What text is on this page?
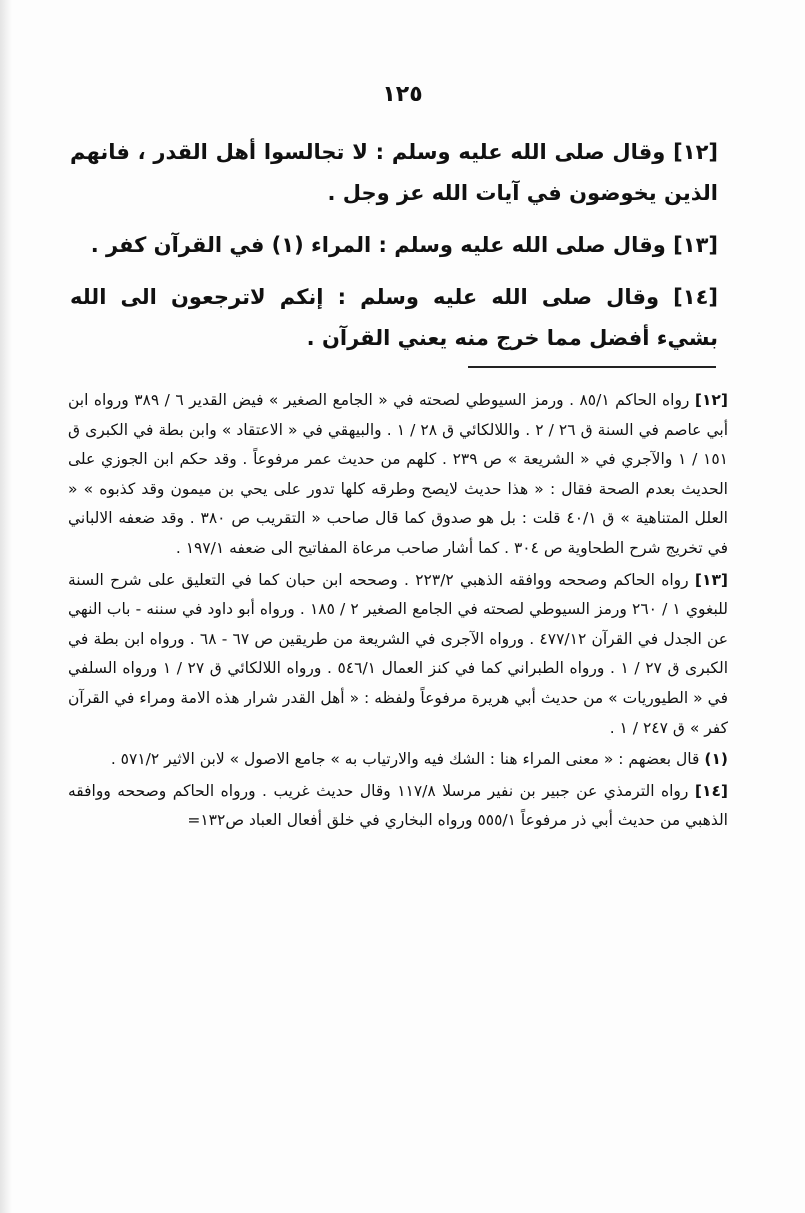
١٢٥

[١٢] وقال صلى الله عليه وسلم : لا تجالسوا أهل القدر ، فانهم الذين يخوضون في آيات الله عز وجل .

[١٣] وقال صلى الله عليه وسلم : المراء (١) في القرآن كفر .

[١٤] وقال صلى الله عليه وسلم : إنكم لاترجعون الى الله بشيء أفضل مما خرج منه يعني القرآن .

[١٢] رواه الحاكم ٨٥/١ . ورمز السيوطي لصحته في « الجامع الصغير » فيض القدير ٦ / ٣٨٩ ورواه ابن أبي عاصم في السنة ق ٢٦ / ٢ . واللالكائي ق ٢٨ / ١ . والبيهقي في « الاعتقاد » وابن بطة في الكبرى ق ١٥١ / ١ والآجري في « الشريعة » ص ٢٣٩ . كلهم من حديث عمر مرفوعاً . وقد حكم ابن الجوزي على الحديث بعدم الصحة فقال : « هذا حديث لايصح وطرقه كلها تدور على يحي بن ميمون وقد كذبوه » « العلل المتناهية » ق ٤٠/١ قلت : بل هو صدوق كما قال صاحب « التقريب ص ٣٨٠ . وقد ضعفه الالباني في تخريج شرح الطحاوية ص ٣٠٤ . كما أشار صاحب مرعاة المفاتيح الى ضعفه ١٩٧/١ .

[١٣] رواه الحاكم وصححه ووافقه الذهبي ٢٢٣/٢ . وصححه ابن حبان كما في التعليق على شرح السنة للبغوي ١ / ٢٦٠ ورمز السيوطي لصحته في الجامع الصغير ٢ / ١٨٥ . ورواه أبو داود في سننه - باب النهي عن الجدل في القرآن ٤٧٧/١٢ . ورواه الآجرى في الشريعة من طريقين ص ٦٧ - ٦٨ . ورواه ابن بطة في الكبرى ق ٢٧ / ١ . ورواه الطبراني كما في كنز العمال ٥٤٦/١ . ورواه اللالكائي ق ٢٧ / ١ ورواه السلفي في « الطيوريات » من حديث أبي هريرة مرفوعاً ولفظه : « أهل القدر شرار هذه الامة ومراء في القرآن كفر » ق ٢٤٧ / ١ .

(١) قال بعضهم : « معنى المراء هنا : الشك فيه والارتياب به » جامع الاصول » لابن الاثير ٥٧١/٢ .

[١٤] رواه الترمذي عن جبير بن نفير مرسلا ١١٧/٨ وقال حديث غريب . ورواه الحاكم وصححه ووافقه الذهبي من حديث أبي ذر مرفوعاً ٥٥٥/١ ورواه البخاري في خلق أفعال العباد ص١٣٢=
